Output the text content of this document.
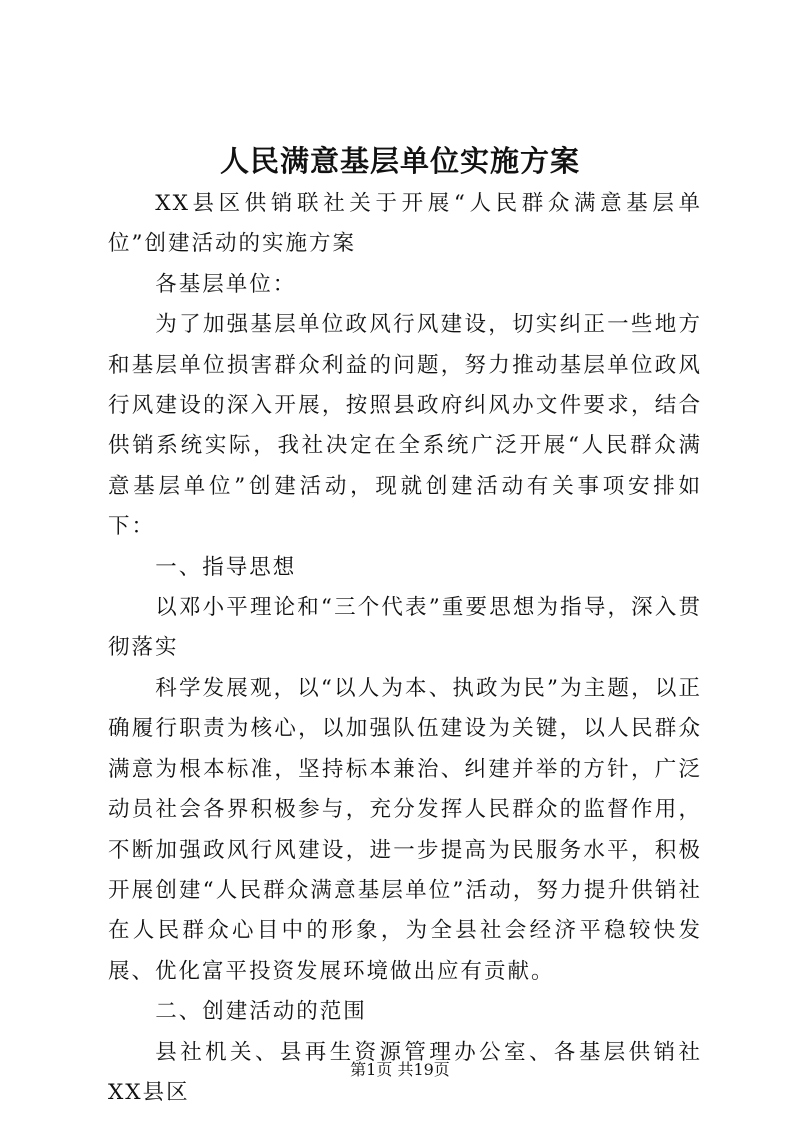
人民满意基层单位实施方案

XX县区供销联社关于开展“人民群众满意基层单位”创建活动的实施方案

各基层单位：

为了加强基层单位政风行风建设，切实纠正一些地方和基层单位损害群众利益的问题，努力推动基层单位政风行风建设的深入开展，按照县政府纠风办文件要求，结合供销系统实际，我社决定在全系统广泛开展“人民群众满意基层单位”创建活动，现就创建活动有关事项安排如下：

一、指导思想

以邓小平理论和“三个代表”重要思想为指导，深入贯彻落实

科学发展观，以“以人为本、执政为民”为主题，以正确履行职责为核心，以加强队伍建设为关键，以人民群众满意为根本标准，坚持标本兼治、纠建并举的方针，广泛动员社会各界积极参与，充分发挥人民群众的监督作用，不断加强政风行风建设，进一步提高为民服务水平，积极开展创建“人民群众满意基层单位”活动，努力提升供销社在人民群众心目中的形象，为全县社会经济平稳较快发展、优化富平投资发展环境做出应有贡献。

二、创建活动的范围

县社机关、县再生资源管理办公室、各基层供销社XX县区

第1页 共19页
